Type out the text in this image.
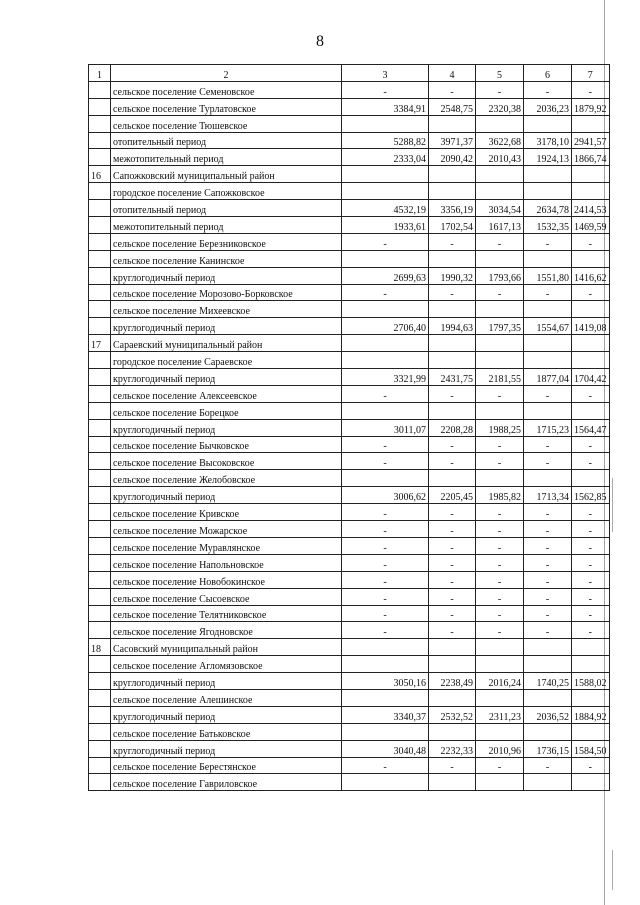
8
1	2	3	4	5	6	7
	сельское поселение Семеновское	-	-	-	-	-
	сельское поселение Турлатовское	3384,91	2548,75	2320,38	2036,23	1879,92
	сельское поселение Тюшевское					
	отопительный период	5288,82	3971,37	3622,68	3178,10	2941,57
	межотопительный период	2333,04	2090,42	2010,43	1924,13	1866,74
16	Сапожковский муниципальный район					
	городское поселение Сапожковское					
	отопительный период	4532,19	3356,19	3034,54	2634,78	2414,53
	межотопительный период	1933,61	1702,54	1617,13	1532,35	1469,59
	сельское поселение Березниковское	-	-	-	-	-
	сельское поселение Канинское					
	круглогодичный период	2699,63	1990,32	1793,66	1551,80	1416,62
	сельское поселение Морозово-Борковское	-	-	-	-	-
	сельское поселение Михеевское					
	круглогодичный период	2706,40	1994,63	1797,35	1554,67	1419,08
17	Сараевский муниципальный район					
	городское поселение Сараевское					
	круглогодичный период	3321,99	2431,75	2181,55	1877,04	1704,42
	сельское поселение Алексеевское	-	-	-	-	-
	сельское поселение Борецкое					
	круглогодичный период	3011,07	2208,28	1988,25	1715,23	1564,47
	сельское поселение Бычковское	-	-	-	-	-
	сельское поселение Высоковское	-	-	-	-	-
	сельское поселение Желобовское					
	круглогодичный период	3006,62	2205,45	1985,82	1713,34	1562,85
	сельское поселение Кривское	-	-	-	-	-
	сельское поселение Можарское	-	-	-	-	-
	сельское поселение Муравлянское	-	-	-	-	-
	сельское поселение Напольновское	-	-	-	-	-
	сельское поселение Новобокинское	-	-	-	-	-
	сельское поселение Сысоевское	-	-	-	-	-
	сельское поселение Телятниковское	-	-	-	-	-
	сельское поселение Ягодновское	-	-	-	-	-
18	Сасовский муниципальный район					
	сельское поселение Агломязовское					
	круглогодичный период	3050,16	2238,49	2016,24	1740,25	1588,02
	сельское поселение Алешинское					
	круглогодичный период	3340,37	2532,52	2311,23	2036,52	1884,92
	сельское поселение Батьковское					
	круглогодичный период	3040,48	2232,33	2010,96	1736,15	1584,50
	сельское поселение Берестянское	-	-	-	-	-
	сельское поселение Гавриловское					
